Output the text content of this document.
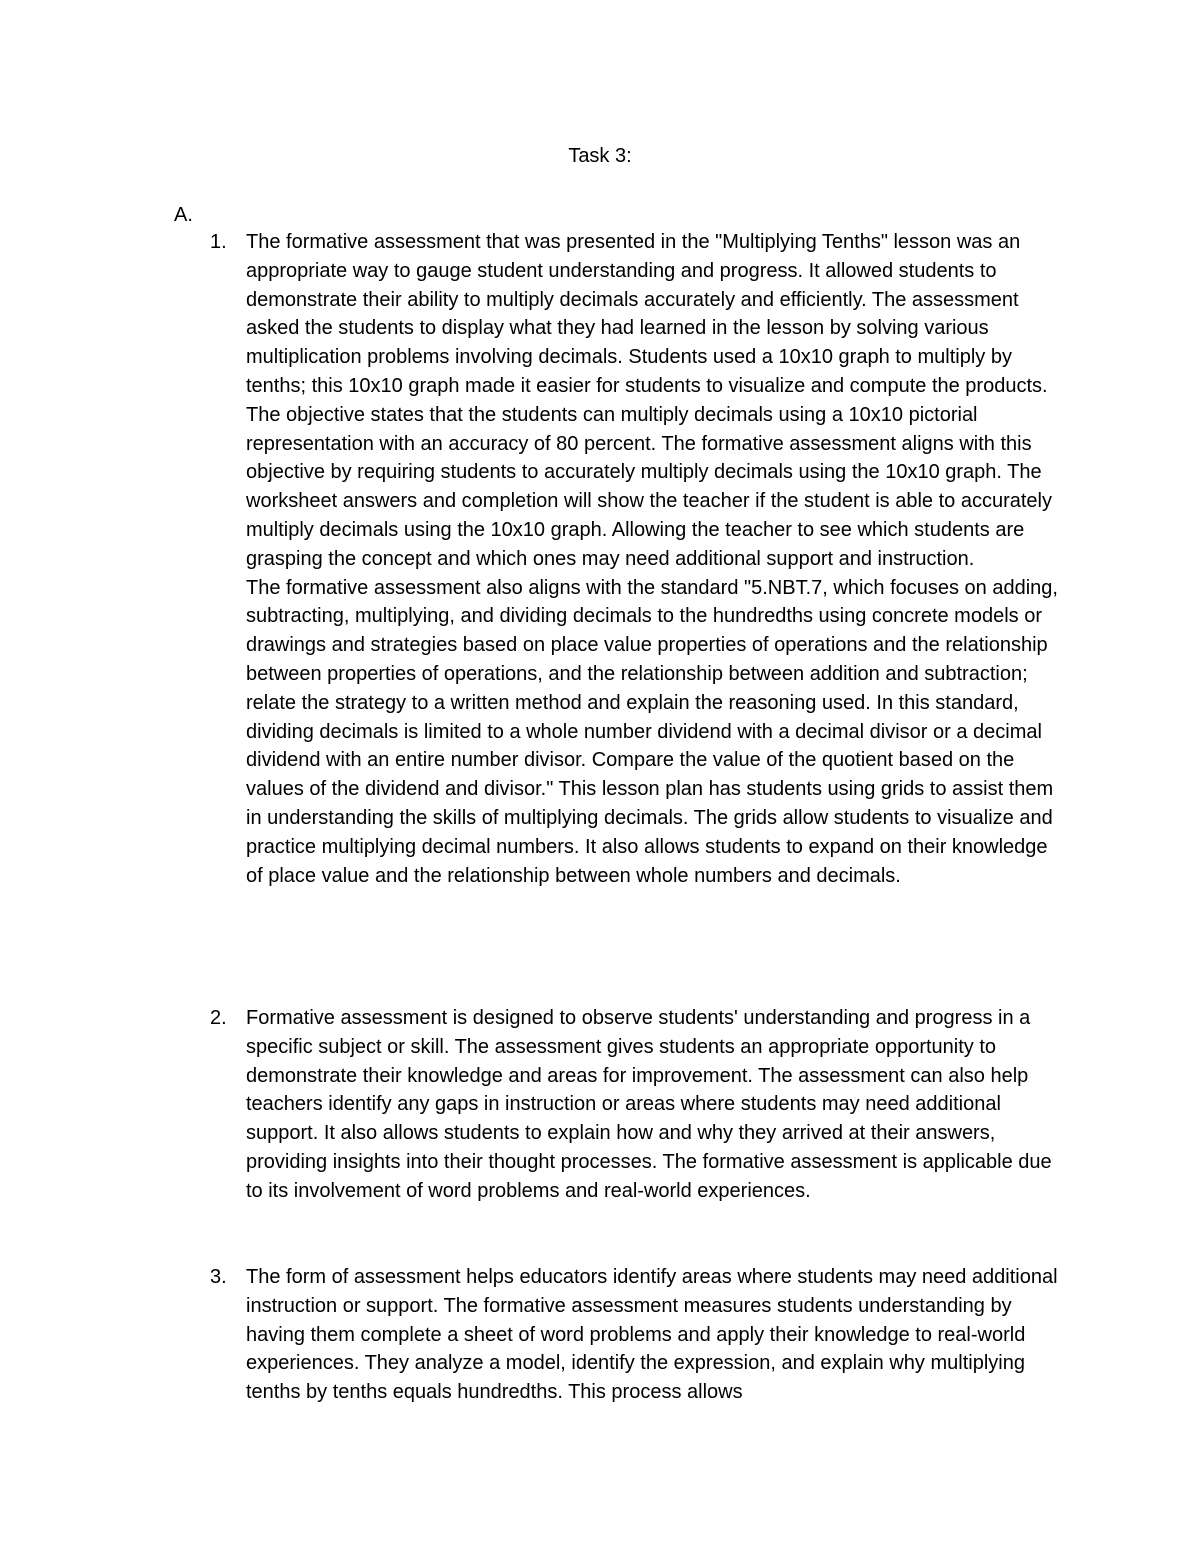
Task 3:
A.
1. The formative assessment that was presented in the "Multiplying Tenths" lesson was an appropriate way to gauge student understanding and progress. It allowed students to demonstrate their ability to multiply decimals accurately and efficiently. The assessment asked the students to display what they had learned in the lesson by solving various multiplication problems involving decimals. Students used a 10x10 graph to multiply by tenths; this 10x10 graph made it easier for students to visualize and compute the products. The objective states that the students can multiply decimals using a 10x10 pictorial representation with an accuracy of 80 percent. The formative assessment aligns with this objective by requiring students to accurately multiply decimals using the 10x10 graph. The worksheet answers and completion will show the teacher if the student is able to accurately multiply decimals using the 10x10 graph. Allowing the teacher to see which students are grasping the concept and which ones may need additional support and instruction.

The formative assessment also aligns with the standard "5.NBT.7, which focuses on adding, subtracting, multiplying, and dividing decimals to the hundredths using concrete models or drawings and strategies based on place value properties of operations and the relationship between properties of operations, and the relationship between addition and subtraction; relate the strategy to a written method and explain the reasoning used. In this standard, dividing decimals is limited to a whole number dividend with a decimal divisor or a decimal dividend with an entire number divisor. Compare the value of the quotient based on the values of the dividend and divisor." This lesson plan has students using grids to assist them in understanding the skills of multiplying decimals. The grids allow students to visualize and practice multiplying decimal numbers. It also allows students to expand on their knowledge of place value and the relationship between whole numbers and decimals.

2. Formative assessment is designed to observe students' understanding and progress in a specific subject or skill. The assessment gives students an appropriate opportunity to demonstrate their knowledge and areas for improvement. The assessment can also help teachers identify any gaps in instruction or areas where students may need additional support. It also allows students to explain how and why they arrived at their answers, providing insights into their thought processes. The formative assessment is applicable due to its involvement of word problems and real-world experiences.

3. The form of assessment helps educators identify areas where students may need additional instruction or support. The formative assessment measures students understanding by having them complete a sheet of word problems and apply their knowledge to real-world experiences. They analyze a model, identify the expression, and explain why multiplying tenths by tenths equals hundredths. This process allows
